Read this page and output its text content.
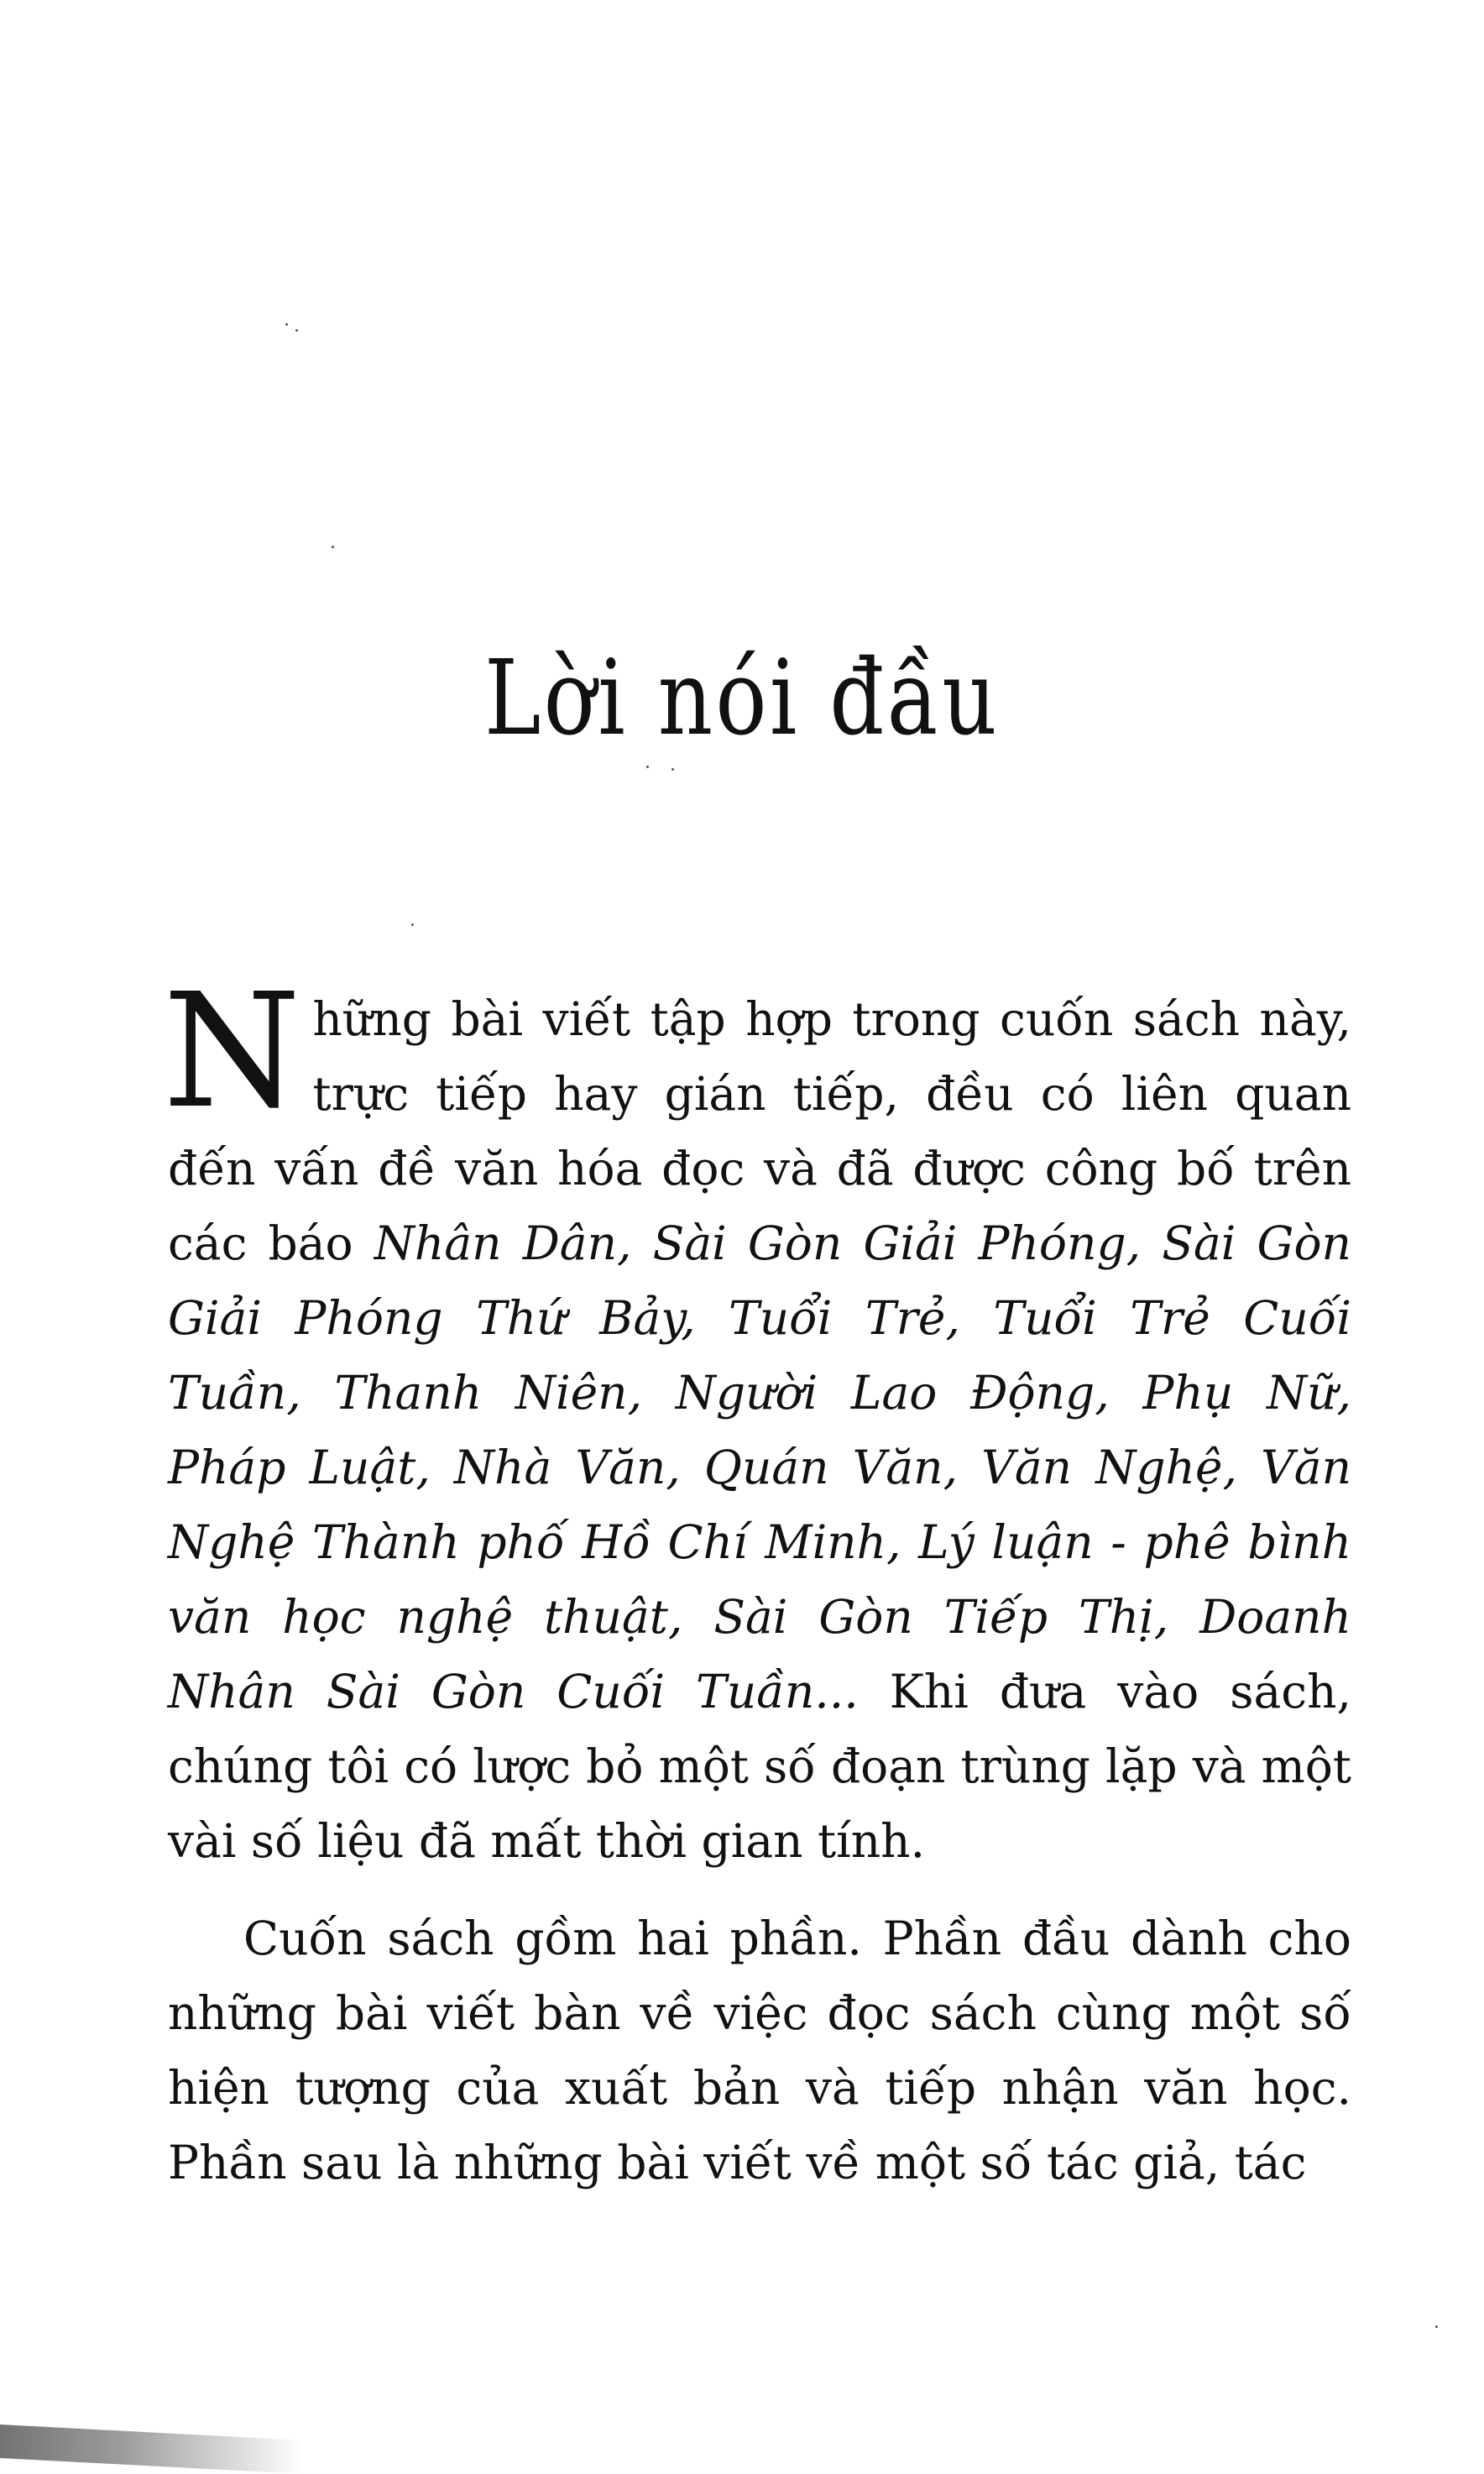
Lời nói đầu

Những bài viết tập hợp trong cuốn sách này, trực tiếp hay gián tiếp, đều có liên quan đến vấn đề văn hóa đọc và đã được công bố trên các báo Nhân Dân, Sài Gòn Giải Phóng, Sài Gòn Giải Phóng Thứ Bảy, Tuổi Trẻ, Tuổi Trẻ Cuối Tuần, Thanh Niên, Người Lao Động, Phụ Nữ, Pháp Luật, Nhà Văn, Quán Văn, Văn Nghệ, Văn Nghệ Thành phố Hồ Chí Minh, Lý luận - phê bình văn học nghệ thuật, Sài Gòn Tiếp Thị, Doanh Nhân Sài Gòn Cuối Tuần... Khi đưa vào sách, chúng tôi có lược bỏ một số đoạn trùng lặp và một vài số liệu đã mất thời gian tính.

Cuốn sách gồm hai phần. Phần đầu dành cho những bài viết bàn về việc đọc sách cùng một số hiện tượng của xuất bản và tiếp nhận văn học. Phần sau là những bài viết về một số tác giả, tác
